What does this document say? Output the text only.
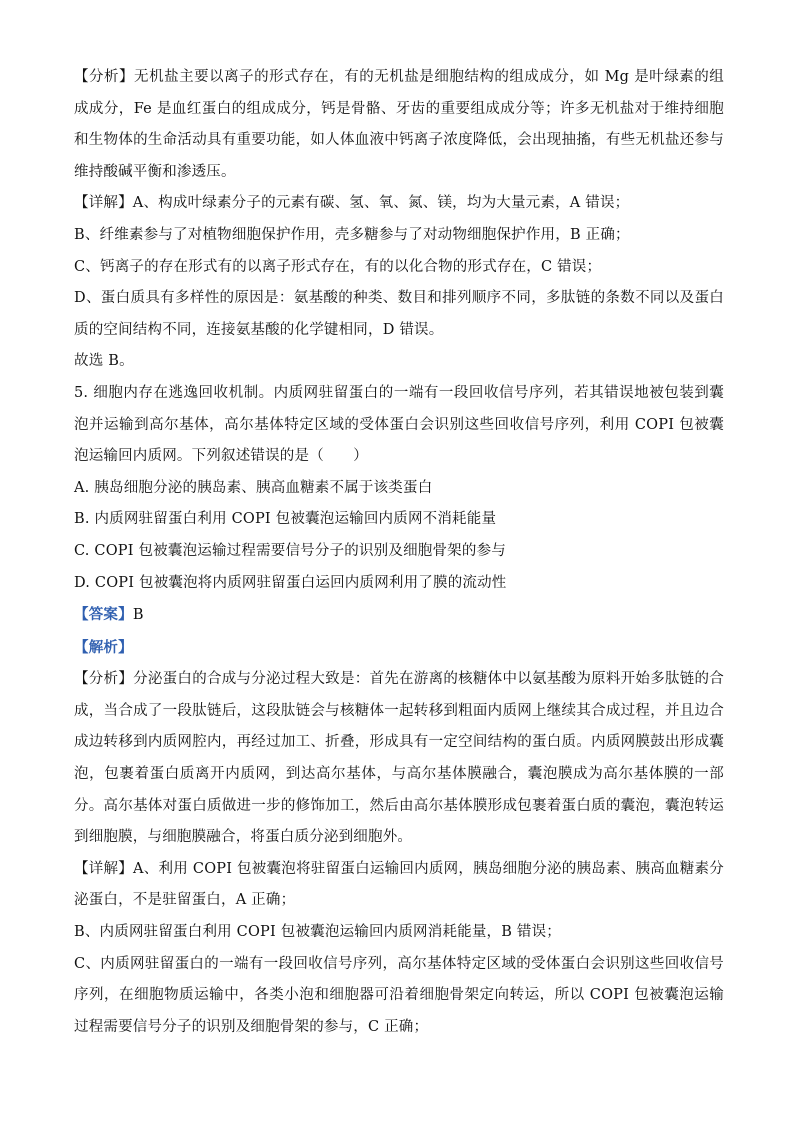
【分析】无机盐主要以离子的形式存在，有的无机盐是细胞结构的组成成分，如 Mg 是叶绿素的组成成分，Fe 是血红蛋白的组成成分，钙是骨骼、牙齿的重要组成成分等；许多无机盐对于维持细胞和生物体的生命活动具有重要功能，如人体血液中钙离子浓度降低，会出现抽搐，有些无机盐还参与维持酸碱平衡和渗透压。

【详解】A、构成叶绿素分子的元素有碳、氢、氧、氮、镁，均为大量元素，A 错误；

B、纤维素参与了对植物细胞保护作用，壳多糖参与了对动物细胞保护作用，B 正确；

C、钙离子的存在形式有的以离子形式存在，有的以化合物的形式存在，C 错误；

D、蛋白质具有多样性的原因是：氨基酸的种类、数目和排列顺序不同，多肽链的条数不同以及蛋白质的空间结构不同，连接氨基酸的化学键相同，D 错误。

故选 B。

5. 细胞内存在逃逸回收机制。内质网驻留蛋白的一端有一段回收信号序列，若其错误地被包装到囊泡并运输到高尔基体，高尔基体特定区域的受体蛋白会识别这些回收信号序列，利用 COPI 包被囊泡运输回内质网。下列叙述错误的是（　　）

A. 胰岛细胞分泌的胰岛素、胰高血糖素不属于该类蛋白

B. 内质网驻留蛋白利用 COPI 包被囊泡运输回内质网不消耗能量

C. COPI 包被囊泡运输过程需要信号分子的识别及细胞骨架的参与

D. COPI 包被囊泡将内质网驻留蛋白运回内质网利用了膜的流动性

【答案】B

【解析】

【分析】分泌蛋白的合成与分泌过程大致是：首先在游离的核糖体中以氨基酸为原料开始多肽链的合成，当合成了一段肽链后，这段肽链会与核糖体一起转移到粗面内质网上继续其合成过程，并且边合成边转移到内质网腔内，再经过加工、折叠，形成具有一定空间结构的蛋白质。内质网膜鼓出形成囊泡，包裹着蛋白质离开内质网，到达高尔基体，与高尔基体膜融合，囊泡膜成为高尔基体膜的一部分。高尔基体对蛋白质做进一步的修饰加工，然后由高尔基体膜形成包裹着蛋白质的囊泡，囊泡转运到细胞膜，与细胞膜融合，将蛋白质分泌到细胞外。

【详解】A、利用 COPI 包被囊泡将驻留蛋白运输回内质网，胰岛细胞分泌的胰岛素、胰高血糖素分泌蛋白，不是驻留蛋白，A 正确；

B、内质网驻留蛋白利用 COPI 包被囊泡运输回内质网消耗能量，B 错误；

C、内质网驻留蛋白的一端有一段回收信号序列，高尔基体特定区域的受体蛋白会识别这些回收信号序列，在细胞物质运输中，各类小泡和细胞器可沿着细胞骨架定向转运，所以 COPI 包被囊泡运输过程需要信号分子的识别及细胞骨架的参与，C 正确；
